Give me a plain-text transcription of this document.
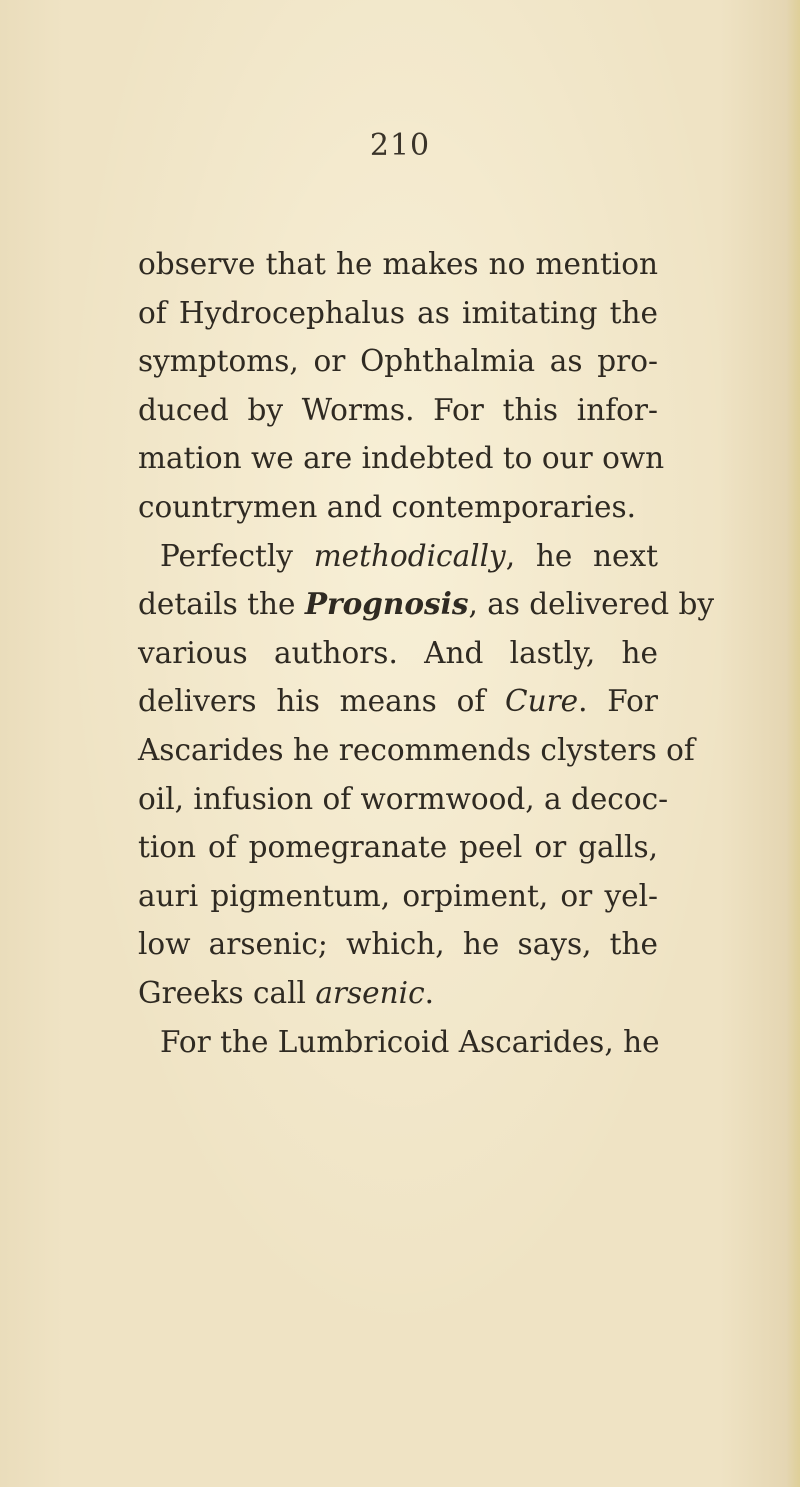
210
observe that he makes no mention
of Hydrocephalus as imitating the
symptoms, or Ophthalmia as pro-
duced by Worms. For this infor-
mation we are indebted to our own
countrymen and contemporaries.
Perfectly methodically, he next
details the Prognosis, as delivered by
various authors. And lastly, he
delivers his means of Cure. For
Ascarides he recommends clysters of
oil, infusion of wormwood, a decoc-
tion of pomegranate peel or galls,
auri pigmentum, orpiment, or yel-
low arsenic; which, he says, the
Greeks call arsenic.
For the Lumbricoid Ascarides, he
